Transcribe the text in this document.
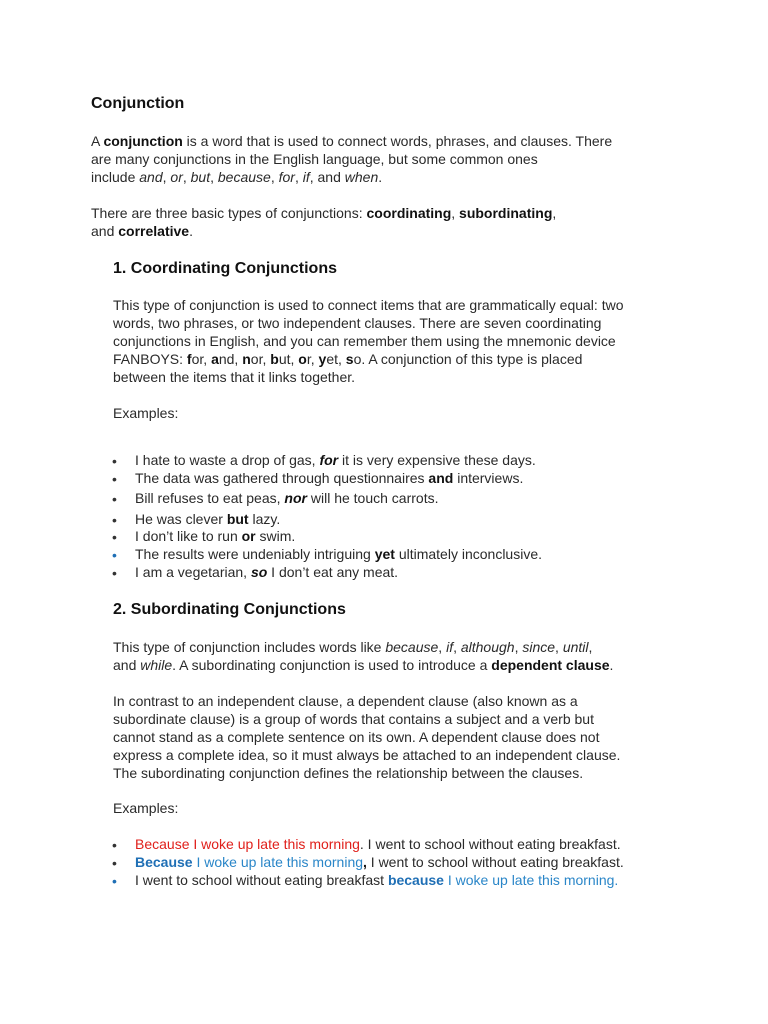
Conjunction
A conjunction is a word that is used to connect words, phrases, and clauses. There
are many conjunctions in the English language, but some common ones
include and, or, but, because, for, if, and when.
There are three basic types of conjunctions: coordinating, subordinating,
and correlative.
1. Coordinating Conjunctions
This type of conjunction is used to connect items that are grammatically equal: two
words, two phrases, or two independent clauses. There are seven coordinating
conjunctions in English, and you can remember them using the mnemonic device
FANBOYS: for, and, nor, but, or, yet, so. A conjunction of this type is placed
between the items that it links together.
Examples:
• I hate to waste a drop of gas, for it is very expensive these days.
• The data was gathered through questionnaires and interviews.
• Bill refuses to eat peas, nor will he touch carrots.
• He was clever but lazy.
• I don’t like to run or swim.
• The results were undeniably intriguing yet ultimately inconclusive.
• I am a vegetarian, so I don’t eat any meat.
2. Subordinating Conjunctions
This type of conjunction includes words like because, if, although, since, until,
and while. A subordinating conjunction is used to introduce a dependent clause.
In contrast to an independent clause, a dependent clause (also known as a
subordinate clause) is a group of words that contains a subject and a verb but
cannot stand as a complete sentence on its own. A dependent clause does not
express a complete idea, so it must always be attached to an independent clause.
The subordinating conjunction defines the relationship between the clauses.
Examples:
• Because I woke up late this morning. I went to school without eating breakfast.
• Because I woke up late this morning, I went to school without eating breakfast.
• I went to school without eating breakfast because I woke up late this morning.
